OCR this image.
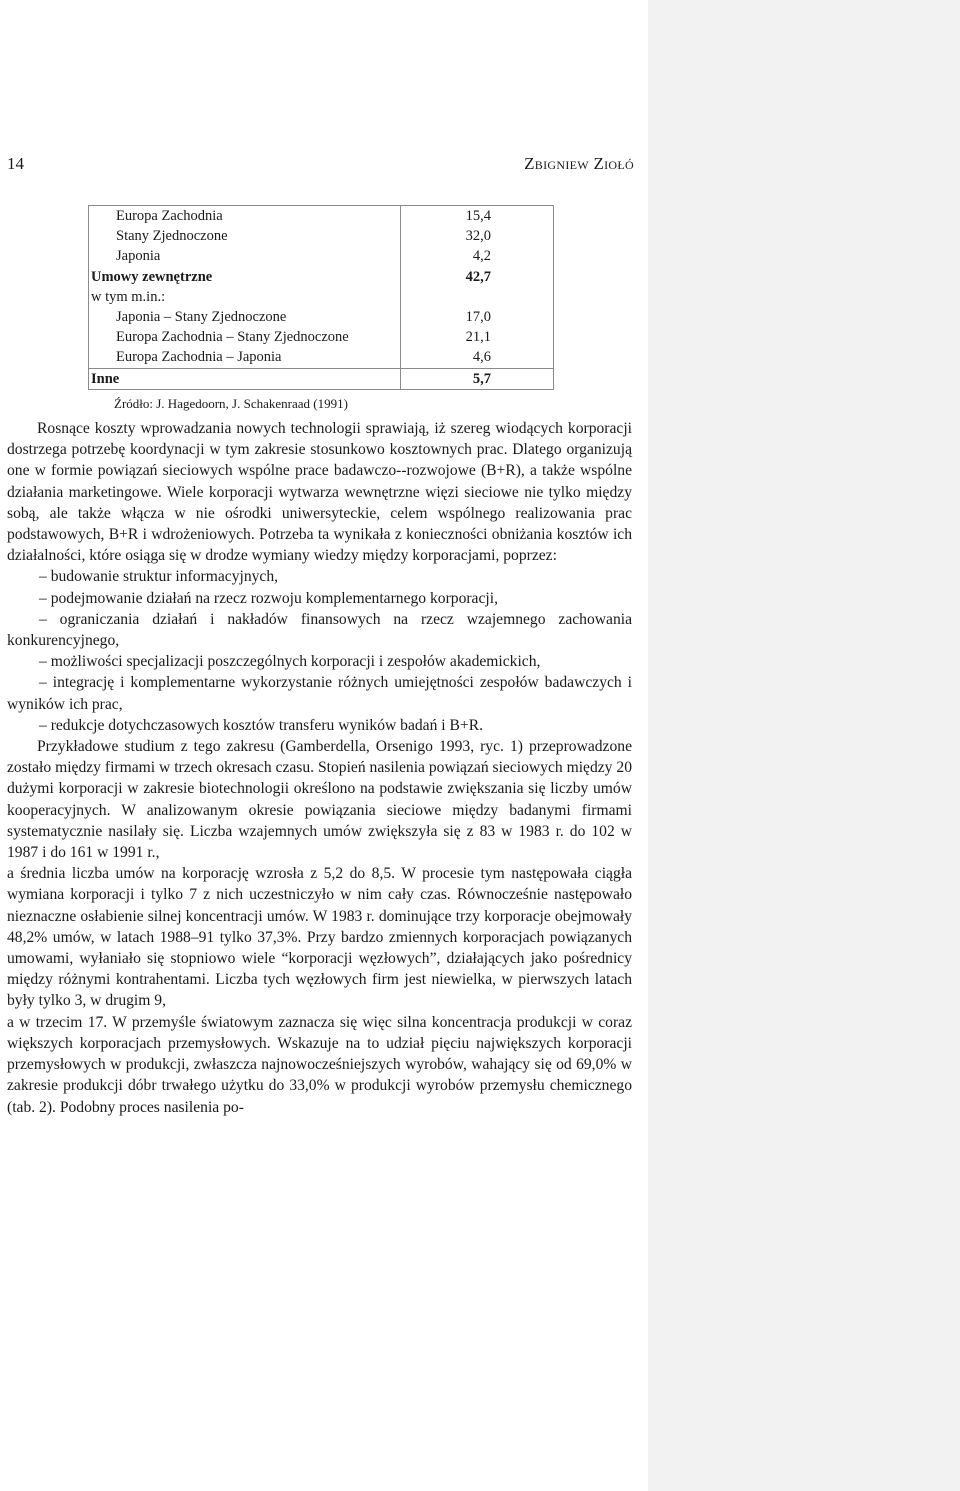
14	Zbigniew Ziołó
Europa Zachodnia	15,4
Stany Zjednoczone	32,0
Japonia	4,2
Umowy zewnętrzne	42,7
w tym m.in.:	
Japonia – Stany Zjednoczone	17,0
Europa Zachodnia – Stany Zjednoczone	21,1
Europa Zachodnia – Japonia	4,6
Inne	5,7
Źródło: J. Hagedoorn, J. Schakenraad (1991)

Rosnące koszty wprowadzania nowych technologii sprawiają, iż szereg wiodących korporacji dostrzega potrzebę koordynacji w tym zakresie stosunkowo kosztownych prac. Dlatego organizują one w formie powiązań sieciowych wspólne prace badawczo--rozwojowe (B+R), a także wspólne działania marketingowe. Wiele korporacji wytwarza wewnętrzne więzi sieciowe nie tylko między sobą, ale także włącza w nie ośrodki uniwersyteckie, celem wspólnego realizowania prac podstawowych, B+R i wdrożeniowych. Potrzeba ta wynikała z konieczności obniżania kosztów ich działalności, które osiąga się w drodze wymiany wiedzy między korporacjami, poprzez:

– budowanie struktur informacyjnych,

– podejmowanie działań na rzecz rozwoju komplementarnego korporacji,

– ograniczania działań i nakładów finansowych na rzecz wzajemnego zachowania konkurencyjnego,

– możliwości specjalizacji poszczególnych korporacji i zespołów akademickich,

– integrację i komplementarne wykorzystanie różnych umiejętności zespołów badawczych i wyników ich prac,

– redukcje dotychczasowych kosztów transferu wyników badań i B+R.

Przykładowe studium z tego zakresu (Gamberdella, Orsenigo 1993, ryc. 1) przeprowadzone zostało między firmami w trzech okresach czasu. Stopień nasilenia powiązań sieciowych między 20 dużymi korporacji w zakresie biotechnologii określono na podstawie zwiększania się liczby umów kooperacyjnych. W analizowanym okresie powiązania sieciowe między badanymi firmami systematycznie nasilały się. Liczba wzajemnych umów zwiększyła się z 83 w 1983 r. do 102 w 1987 i do 161 w 1991 r.,

a średnia liczba umów na korporację wzrosła z 5,2 do 8,5. W procesie tym następowała ciągła wymiana korporacji i tylko 7 z nich uczestniczyło w nim cały czas. Równocześnie następowało nieznaczne osłabienie silnej koncentracji umów. W 1983 r. dominujące trzy korporacje obejmowały 48,2% umów, w latach 1988–91 tylko 37,3%. Przy bardzo zmiennych korporacjach powiązanych umowami, wyłaniało się stopniowo wiele “korporacji węzłowych”, działających jako pośrednicy między różnymi kontrahentami. Liczba tych węzłowych firm jest niewielka, w pierwszych latach były tylko 3, w drugim 9,

a w trzecim 17. W przemyśle światowym zaznacza się więc silna koncentracja produkcji w coraz większych korporacjach przemysłowych. Wskazuje na to udział pięciu największych korporacji przemysłowych w produkcji, zwłaszcza najnowocześniejszych wyrobów, wahający się od 69,0% w zakresie produkcji dóbr trwałego użytku do 33,0% w produkcji wyrobów przemysłu chemicznego (tab. 2). Podobny proces nasilenia po-
